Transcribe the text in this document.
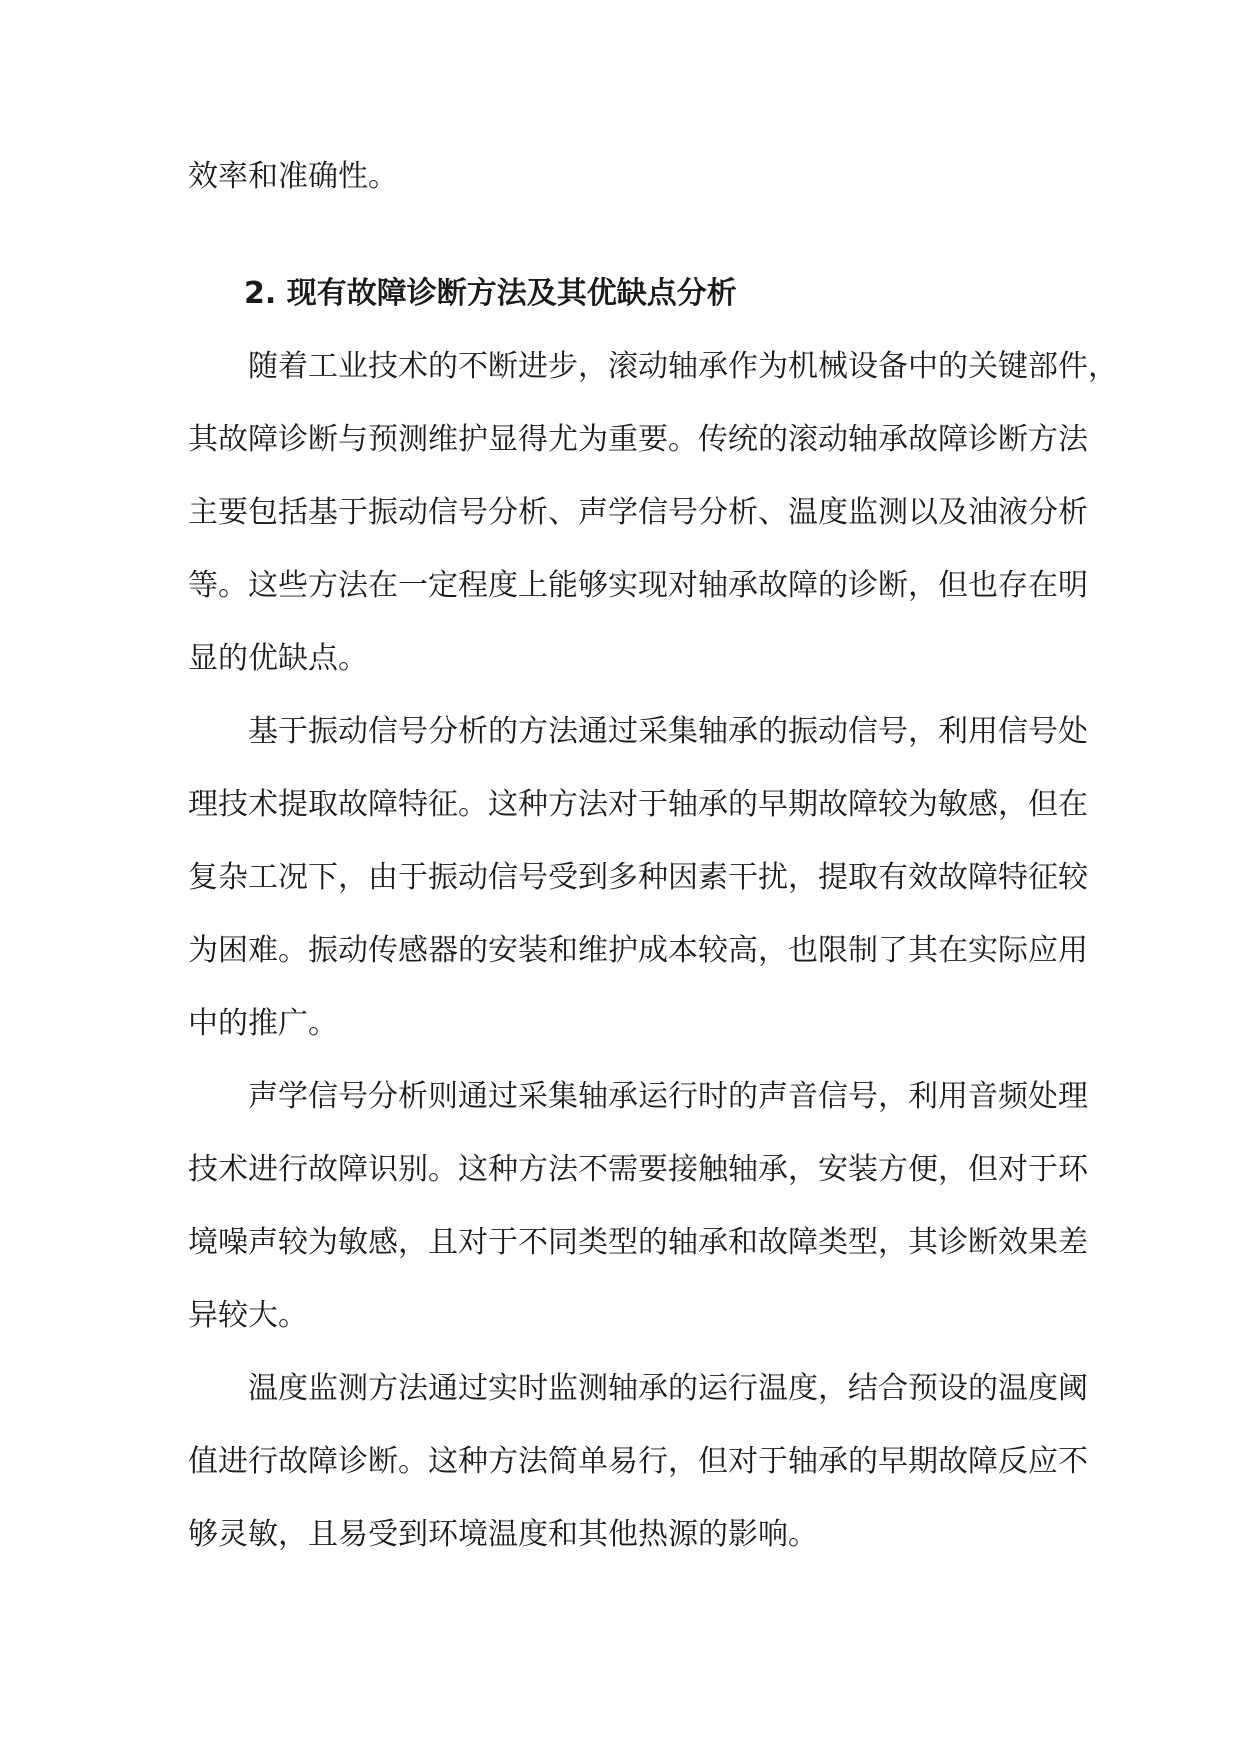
效率和准确性。
2. 现有故障诊断方法及其优缺点分析
随着工业技术的不断进步，滚动轴承作为机械设备中的关键部件，
其故障诊断与预测维护显得尤为重要。传统的滚动轴承故障诊断方法
主要包括基于振动信号分析、声学信号分析、温度监测以及油液分析
等。这些方法在一定程度上能够实现对轴承故障的诊断，但也存在明
显的优缺点。
基于振动信号分析的方法通过采集轴承的振动信号，利用信号处
理技术提取故障特征。这种方法对于轴承的早期故障较为敏感，但在
复杂工况下，由于振动信号受到多种因素干扰，提取有效故障特征较
为困难。振动传感器的安装和维护成本较高，也限制了其在实际应用
中的推广。
声学信号分析则通过采集轴承运行时的声音信号，利用音频处理
技术进行故障识别。这种方法不需要接触轴承，安装方便，但对于环
境噪声较为敏感，且对于不同类型的轴承和故障类型，其诊断效果差
异较大。
温度监测方法通过实时监测轴承的运行温度，结合预设的温度阈
值进行故障诊断。这种方法简单易行，但对于轴承的早期故障反应不
够灵敏，且易受到环境温度和其他热源的影响。
